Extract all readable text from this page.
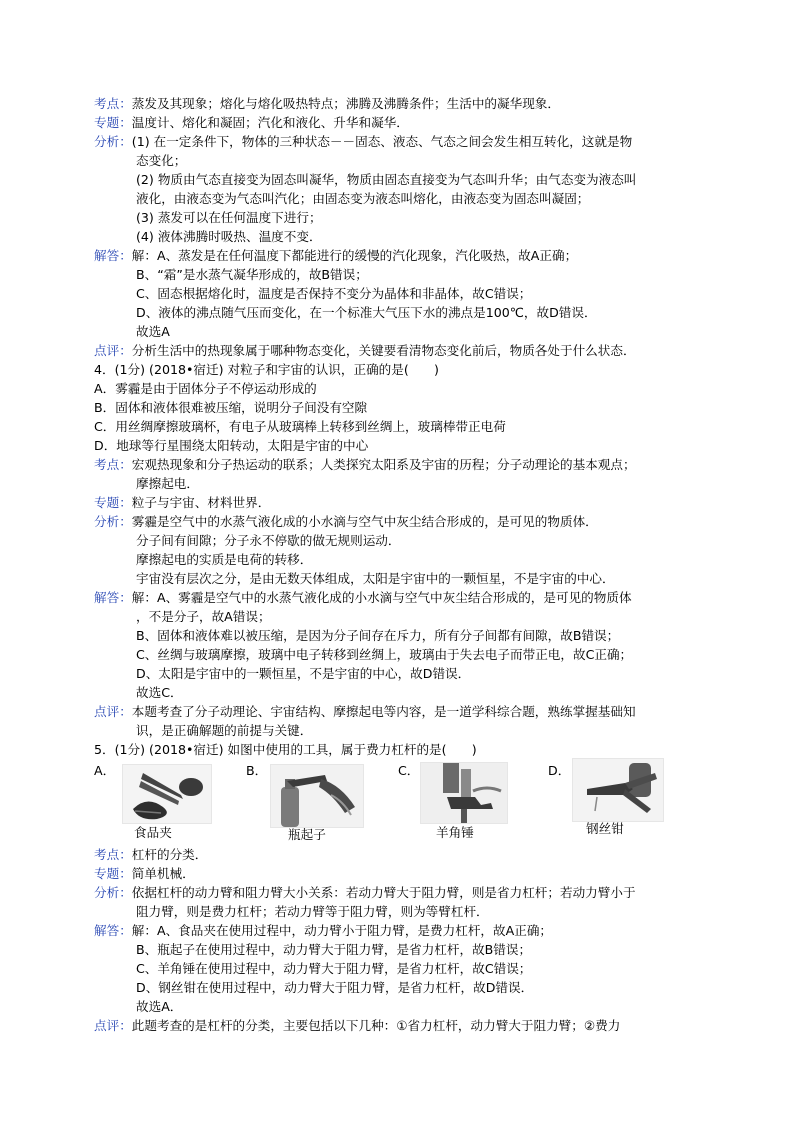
考点：蒸发及其现象；熔化与熔化吸热特点；沸腾及沸腾条件；生活中的凝华现象．
专题：温度计、熔化和凝固；汽化和液化、升华和凝华．
分析：(1) 在一定条件下，物体的三种状态－－固态、液态、气态之间会发生相互转化，这就是物
态变化；
(2) 物质由气态直接变为固态叫凝华，物质由固态直接变为气态叫升华；由气态变为液态叫
液化，由液态变为气态叫汽化；由固态变为液态叫熔化，由液态变为固态叫凝固；
(3) 蒸发可以在任何温度下进行；
(4) 液体沸腾时吸热、温度不变．
解答：解：A、蒸发是在任何温度下都能进行的缓慢的汽化现象，汽化吸热，故A正确；
B、“霜”是水蒸气凝华形成的，故B错误；
C、固态根据熔化时，温度是否保持不变分为晶体和非晶体，故C错误；
D、液体的沸点随气压而变化，在一个标准大气压下水的沸点是100℃，故D错误．
故选A
点评：分析生活中的热现象属于哪种物态变化，关键要看清物态变化前后，物质各处于什么状态．
4．(1分) (2018•宿迁) 对粒子和宇宙的认识，正确的是(　　)
A．雾霾是由于固体分子不停运动形成的
B．固体和液体很难被压缩，说明分子间没有空隙
C．用丝绸摩擦玻璃杯，有电子从玻璃棒上转移到丝绸上，玻璃棒带正电荷
D．地球等行星围绕太阳转动，太阳是宇宙的中心
考点：宏观热现象和分子热运动的联系；人类探究太阳系及宇宙的历程；分子动理论的基本观点；
摩擦起电．
专题：粒子与宇宙、材料世界．
分析：雾霾是空气中的水蒸气液化成的小水滴与空气中灰尘结合形成的，是可见的物质体．
分子间有间隙；分子永不停歇的做无规则运动．
摩擦起电的实质是电荷的转移．
宇宙没有层次之分，是由无数天体组成，太阳是宇宙中的一颗恒星，不是宇宙的中心．
解答：解：A、雾霾是空气中的水蒸气液化成的小水滴与空气中灰尘结合形成的，是可见的物质体
，不是分子，故A错误；
B、固体和液体难以被压缩，是因为分子间存在斥力，所有分子间都有间隙，故B错误；
C、丝绸与玻璃摩擦，玻璃中电子转移到丝绸上，玻璃由于失去电子而带正电，故C正确；
D、太阳是宇宙中的一颗恒星，不是宇宙的中心，故D错误．
故选C．
点评：本题考查了分子动理论、宇宙结构、摩擦起电等内容，是一道学科综合题，熟练掌握基础知
识，是正确解题的前提与关键．
5．(1分) (2018•宿迁) 如图中使用的工具，属于费力杠杆的是(　　)
A．
食品夹
B．
瓶起子
C．
羊角锤
D．
钢丝钳
考点：杠杆的分类．
专题：简单机械．
分析：依据杠杆的动力臂和阻力臂大小关系：若动力臂大于阻力臂，则是省力杠杆；若动力臂小于
阻力臂，则是费力杠杆；若动力臂等于阻力臂，则为等臂杠杆．
解答：解：A、食品夹在使用过程中，动力臂小于阻力臂，是费力杠杆，故A正确；
B、瓶起子在使用过程中，动力臂大于阻力臂，是省力杠杆，故B错误；
C、羊角锤在使用过程中，动力臂大于阻力臂，是省力杠杆，故C错误；
D、钢丝钳在使用过程中，动力臂大于阻力臂，是省力杠杆，故D错误．
故选A．
点评：此题考查的是杠杆的分类，主要包括以下几种：①省力杠杆，动力臂大于阻力臂；②费力
